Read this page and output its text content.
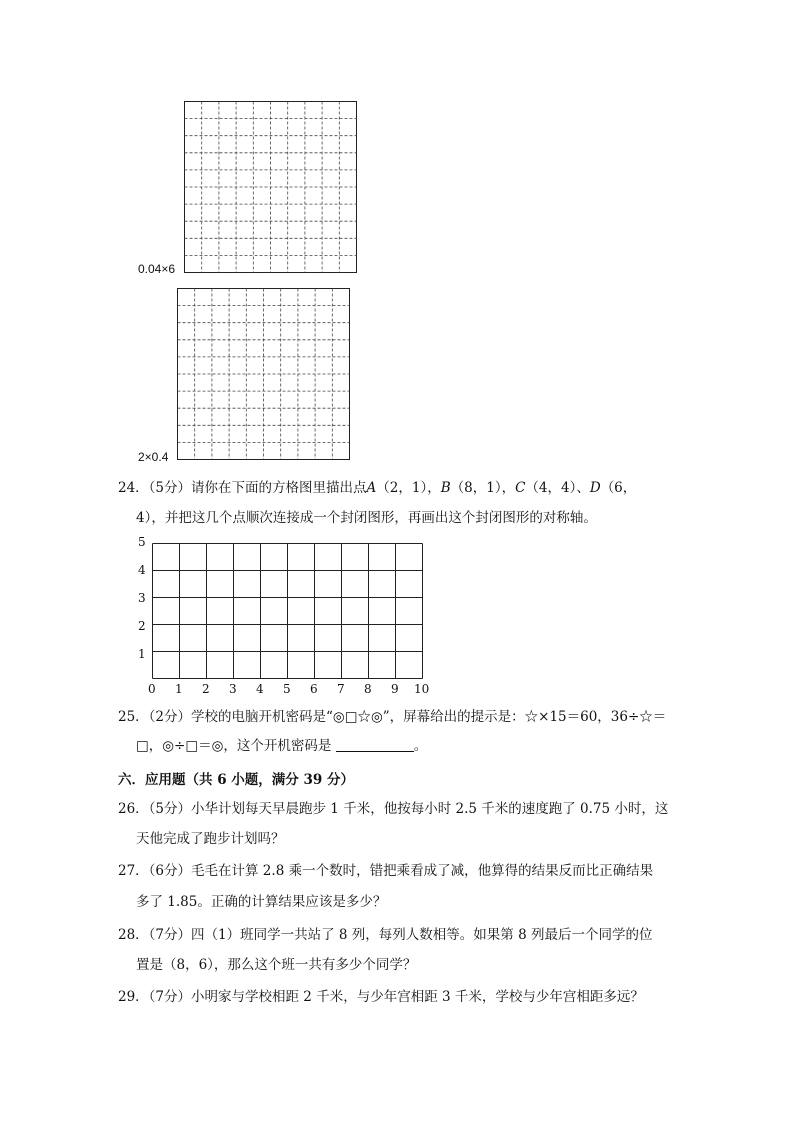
0.04×6
2×0.4
24．（5分）请你在下面的方格图里描出点A（2，1），B（8，1），C（4，4）、D（6，
4），并把这几个点顺次连接成一个封闭图形，再画出这个封闭图形的对称轴。
5
4
3
2
1
0 1 2 3 4 5 6 7 8 9 10
25．（2分）学校的电脑开机密码是“◎□☆◎”，屏幕给出的提示是：☆×15＝60，36÷☆＝
□，◎÷□＝◎，这个开机密码是	。
六．应用题（共 6 小题，满分 39 分）
26．（5分）小华计划每天早晨跑步 1 千米，他按每小时 2.5 千米的速度跑了 0.75 小时，这
天他完成了跑步计划吗？
27．（6分）毛毛在计算 2.8 乘一个数时，错把乘看成了减，他算得的结果反而比正确结果
多了 1.85。正确的计算结果应该是多少？
28．（7分）四（1）班同学一共站了 8 列，每列人数相等。如果第 8 列最后一个同学的位
置是（8，6），那么这个班一共有多少个同学？
29．（7分）小明家与学校相距 2 千米，与少年宫相距 3 千米，学校与少年宫相距多远？
